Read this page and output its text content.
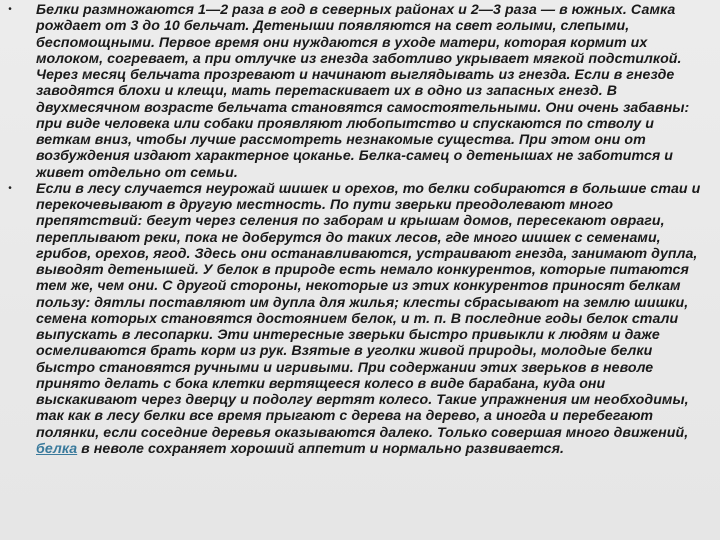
• Белки размножаются 1—2 раза в год в северных районах и 2—3 раза — в южных. Самка рождает от 3 до 10 бельчат. Детеныши появляются на свет голыми, слепыми, беспомощными. Первое время они нуждаются в уходе матери, которая кормит их молоком, согревает, а при отлучке из гнезда заботливо укрывает мягкой подстилкой. Через месяц бельчата прозревают и начинают выглядывать из гнезда. Если в гнезде заводятся блохи и клещи, мать перетаскивает их в одно из запасных гнезд. В двухмесячном возрасте бельчата становятся самостоятельными. Они очень забавны: при виде человека или собаки проявляют любопытство и спускаются по стволу и веткам вниз, чтобы лучше рассмотреть незнакомые существа. При этом они от возбуждения издают характерное цоканье. Белка-самец о детенышах не заботится и живет отдельно от семьи.

• Если в лесу случается неурожай шишек и орехов, то белки собираются в большие стаи и перекочевывают в другую местность. По пути зверьки преодолевают много препятствий: бегут через селения по заборам и крышам домов, пересекают овраги, переплывают реки, пока не доберутся до таких лесов, где много шишек с семенами, грибов, орехов, ягод. Здесь они останавливаются, устраивают гнезда, занимают дупла, выводят детенышей. У белок в природе есть немало конкурентов, которые питаются тем же, чем они. С другой стороны, некоторые из этих конкурентов приносят белкам пользу: дятлы поставляют им дупла для жилья; клесты сбрасывают на землю шишки, семена которых становятся достоянием белок, и т. п. В последние годы белок стали выпускать в лесопарки. Эти интересные зверьки быстро привыкли к людям и даже осмеливаются брать корм из рук. Взятые в уголки живой природы, молодые белки быстро становятся ручными и игривыми. При содержании этих зверьков в неволе принято делать с бока клетки вертящееся колесо в виде барабана, куда они выскакивают через дверцу и подолгу вертят колесо. Такие упражнения им необходимы, так как в лесу белки все время прыгают с дерева на дерево, а иногда и перебегают полянки, если соседние деревья оказываются далеко. Только совершая много движений, белка в неволе сохраняет хороший аппетит и нормально развивается.
